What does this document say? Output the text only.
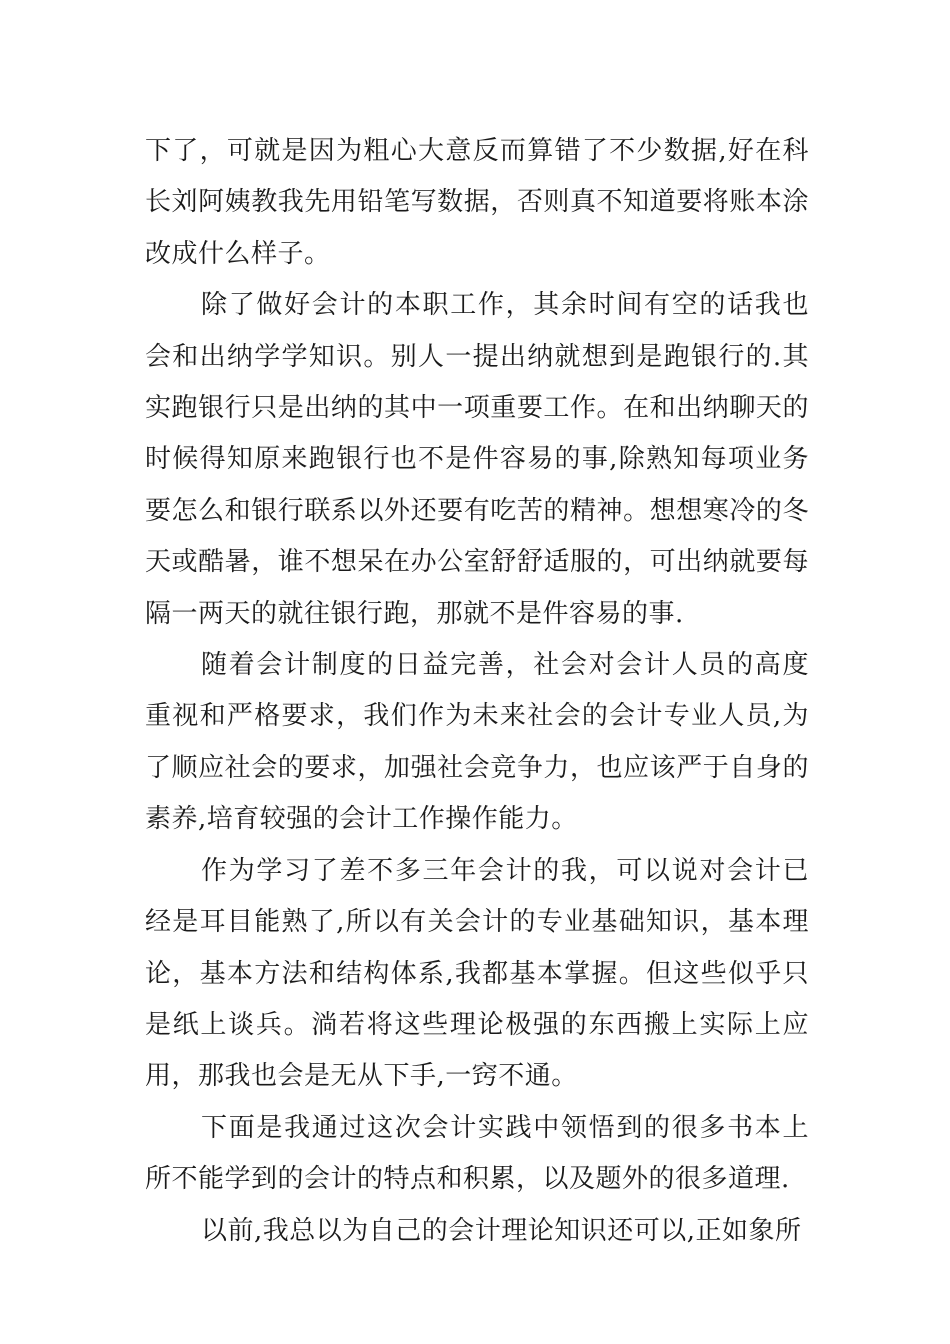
下了，可就是因为粗心大意反而算错了不少数据,好在科长刘阿姨教我先用铅笔写数据，否则真不知道要将账本涂改成什么样子。

除了做好会计的本职工作，其余时间有空的话我也会和出纳学学知识。别人一提出纳就想到是跑银行的.其实跑银行只是出纳的其中一项重要工作。在和出纳聊天的时候得知原来跑银行也不是件容易的事,除熟知每项业务要怎么和银行联系以外还要有吃苦的精神。想想寒冷的冬天或酷暑，谁不想呆在办公室舒舒适服的，可出纳就要每隔一两天的就往银行跑，那就不是件容易的事.

随着会计制度的日益完善，社会对会计人员的高度重视和严格要求，我们作为未来社会的会计专业人员,为了顺应社会的要求，加强社会竞争力，也应该严于自身的素养,培育较强的会计工作操作能力。

作为学习了差不多三年会计的我，可以说对会计已经是耳目能熟了,所以有关会计的专业基础知识，基本理论，基本方法和结构体系,我都基本掌握。但这些似乎只是纸上谈兵。淌若将这些理论极强的东西搬上实际上应用，那我也会是无从下手,一窍不通。

下面是我通过这次会计实践中领悟到的很多书本上所不能学到的会计的特点和积累，以及题外的很多道理.

以前,我总以为自己的会计理论知识还可以,正如象所
